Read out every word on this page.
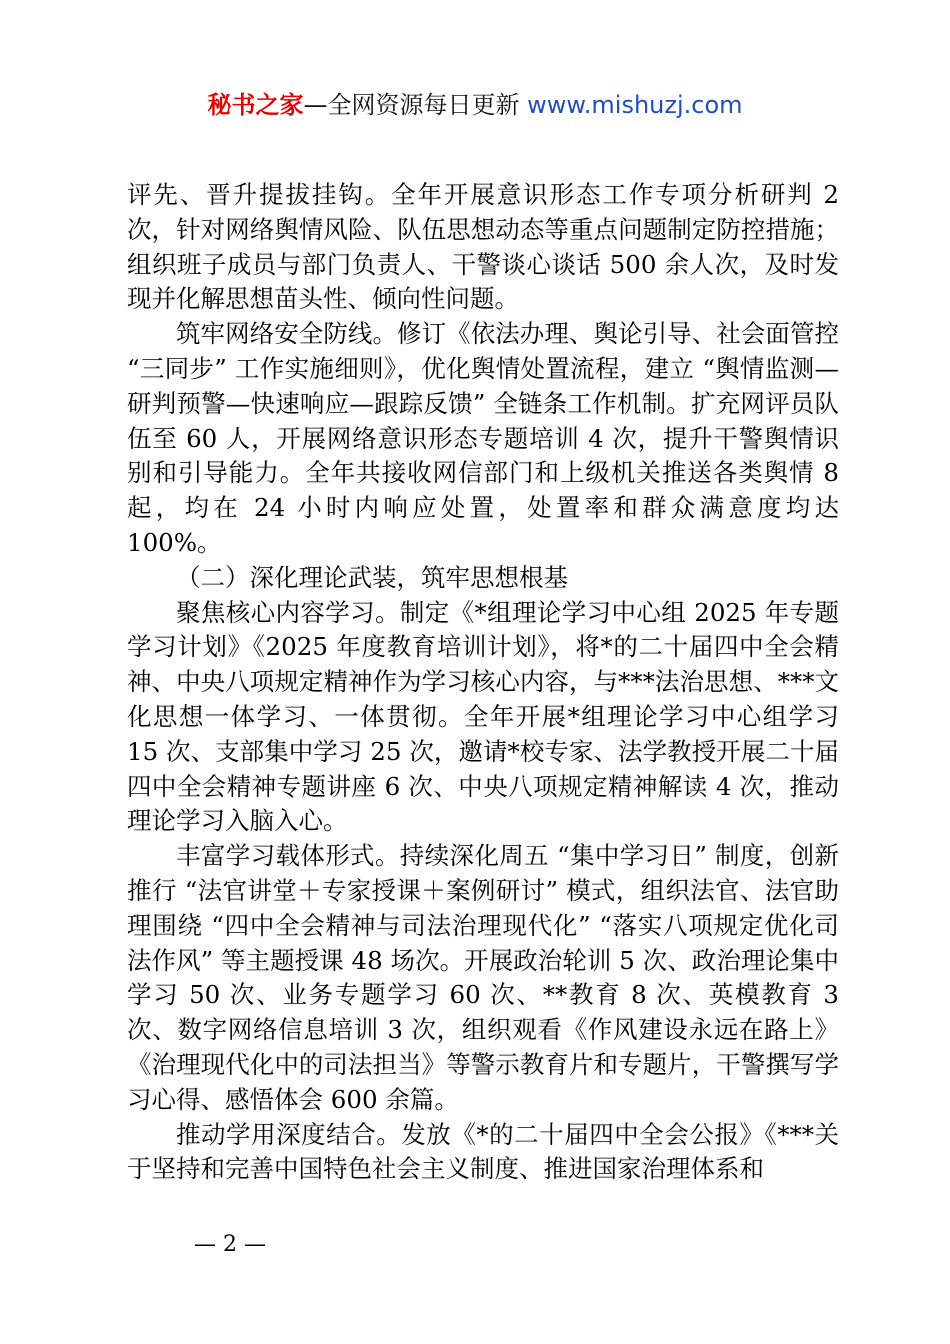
秘书之家—全网资源每日更新 www.mishuzj.com

评先、晋升提拔挂钩。全年开展意识形态工作专项分析研判 2 次，针对网络舆情风险、队伍思想动态等重点问题制定防控措施；组织班子成员与部门负责人、干警谈心谈话 500 余人次，及时发现并化解思想苗头性、倾向性问题。

筑牢网络安全防线。修订《依法办理、舆论引导、社会面管控 “三同步” 工作实施细则》，优化舆情处置流程，建立 “舆情监测—研判预警—快速响应—跟踪反馈” 全链条工作机制。扩充网评员队伍至 60 人，开展网络意识形态专题培训 4 次，提升干警舆情识别和引导能力。全年共接收网信部门和上级机关推送各类舆情 8 起，均在 24 小时内响应处置，处置率和群众满意度均达 100%。

（二）深化理论武装，筑牢思想根基

聚焦核心内容学习。制定《*组理论学习中心组 2025 年专题学习计划》《2025 年度教育培训计划》，将*的二十届四中全会精神、中央八项规定精神作为学习核心内容，与***法治思想、***文化思想一体学习、一体贯彻。全年开展*组理论学习中心组学习 15 次、支部集中学习 25 次，邀请*校专家、法学教授开展二十届四中全会精神专题讲座 6 次、中央八项规定精神解读 4 次，推动理论学习入脑入心。

丰富学习载体形式。持续深化周五 “集中学习日” 制度，创新推行 “法官讲堂＋专家授课＋案例研讨” 模式，组织法官、法官助理围绕 “四中全会精神与司法治理现代化” “落实八项规定优化司法作风” 等主题授课 48 场次。开展政治轮训 5 次、政治理论集中学习 50 次、业务专题学习 60 次、**教育 8 次、英模教育 3 次、数字网络信息培训 3 次，组织观看《作风建设永远在路上》《治理现代化中的司法担当》等警示教育片和专题片，干警撰写学习心得、感悟体会 600 余篇。

推动学用深度结合。发放《*的二十届四中全会公报》《***关于坚持和完善中国特色社会主义制度、推进国家治理体系和

— 2 —
